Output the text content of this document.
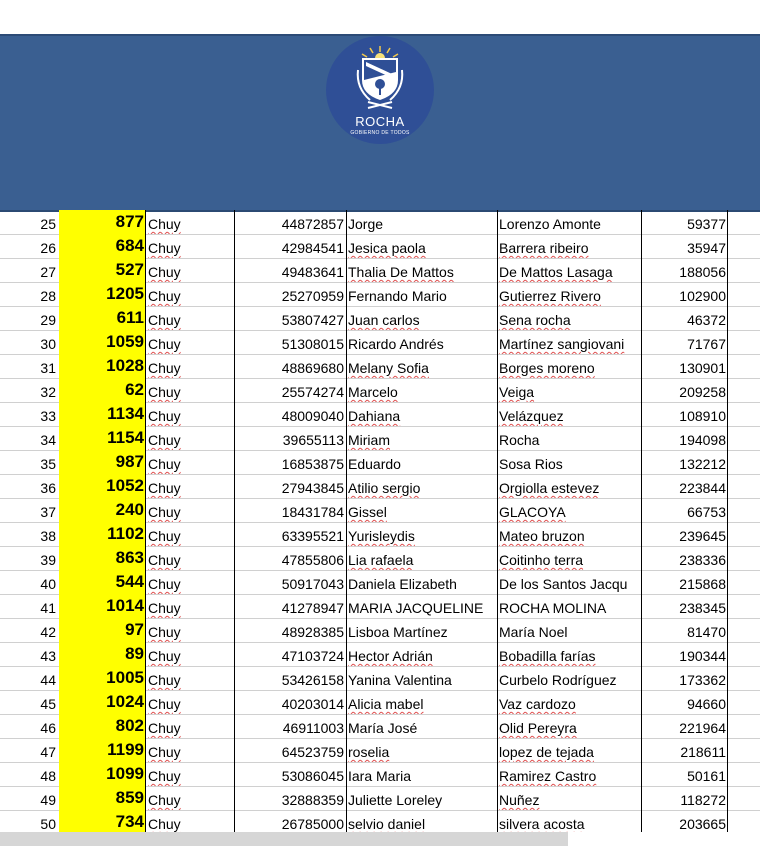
ROCHA
GOBIERNO DE TODOS
25	877 Chuy	44872857 Jorge	Lorenzo Amonte	59377
26	684 Chuy	42984541 Jesica paola	Barrera ribeiro	35947
27	527 Chuy	49483641 Thalia De Mattos	De Mattos Lasaga	188056
28	1205 Chuy	25270959 Fernando Mario	Gutierrez Rivero	102900
29	611 Chuy	53807427 Juan carlos	Sena rocha	46372
30	1059 Chuy	51308015 Ricardo Andrés	Martínez sangiovani	71767
31	1028 Chuy	48869680 Melany Sofia	Borges moreno	130901
32	62 Chuy	25574274 Marcelo	Veiga	209258
33	1134 Chuy	48009040 Dahiana	Velázquez	108910
34	1154 Chuy	39655113 Miriam	Rocha	194098
35	987 Chuy	16853875 Eduardo	Sosa Rios	132212
36	1052 Chuy	27943845 Atilio sergio	Orgiolla estevez	223844
37	240 Chuy	18431784 Gissel	GLACOYA	66753
38	1102 Chuy	63395521 Yurisleydis	Mateo bruzon	239645
39	863 Chuy	47855806 Lia rafaela	Coitinho terra	238336
40	544 Chuy	50917043 Daniela Elizabeth	De los Santos Jacqu	215868
41	1014 Chuy	41278947 MARIA JACQUELINE	ROCHA MOLINA	238345
42	97 Chuy	48928385 Lisboa Martínez	María Noel	81470
43	89 Chuy	47103724 Hector Adrián	Bobadilla farías	190344
44	1005 Chuy	53426158 Yanina Valentina	Curbelo Rodríguez	173362
45	1024 Chuy	40203014 Alicia mabel	Vaz cardozo	94660
46	802 Chuy	46911003 María José	Olid Pereyra	221964
47	1199 Chuy	64523759 roselia	lopez de tejada	218611
48	1099 Chuy	53086045 Iara Maria	Ramirez Castro	50161
49	859 Chuy	32888359 Juliette Loreley	Nuñez	118272
50	734 Chuy	26785000 selvio daniel	silvera acosta	203665
